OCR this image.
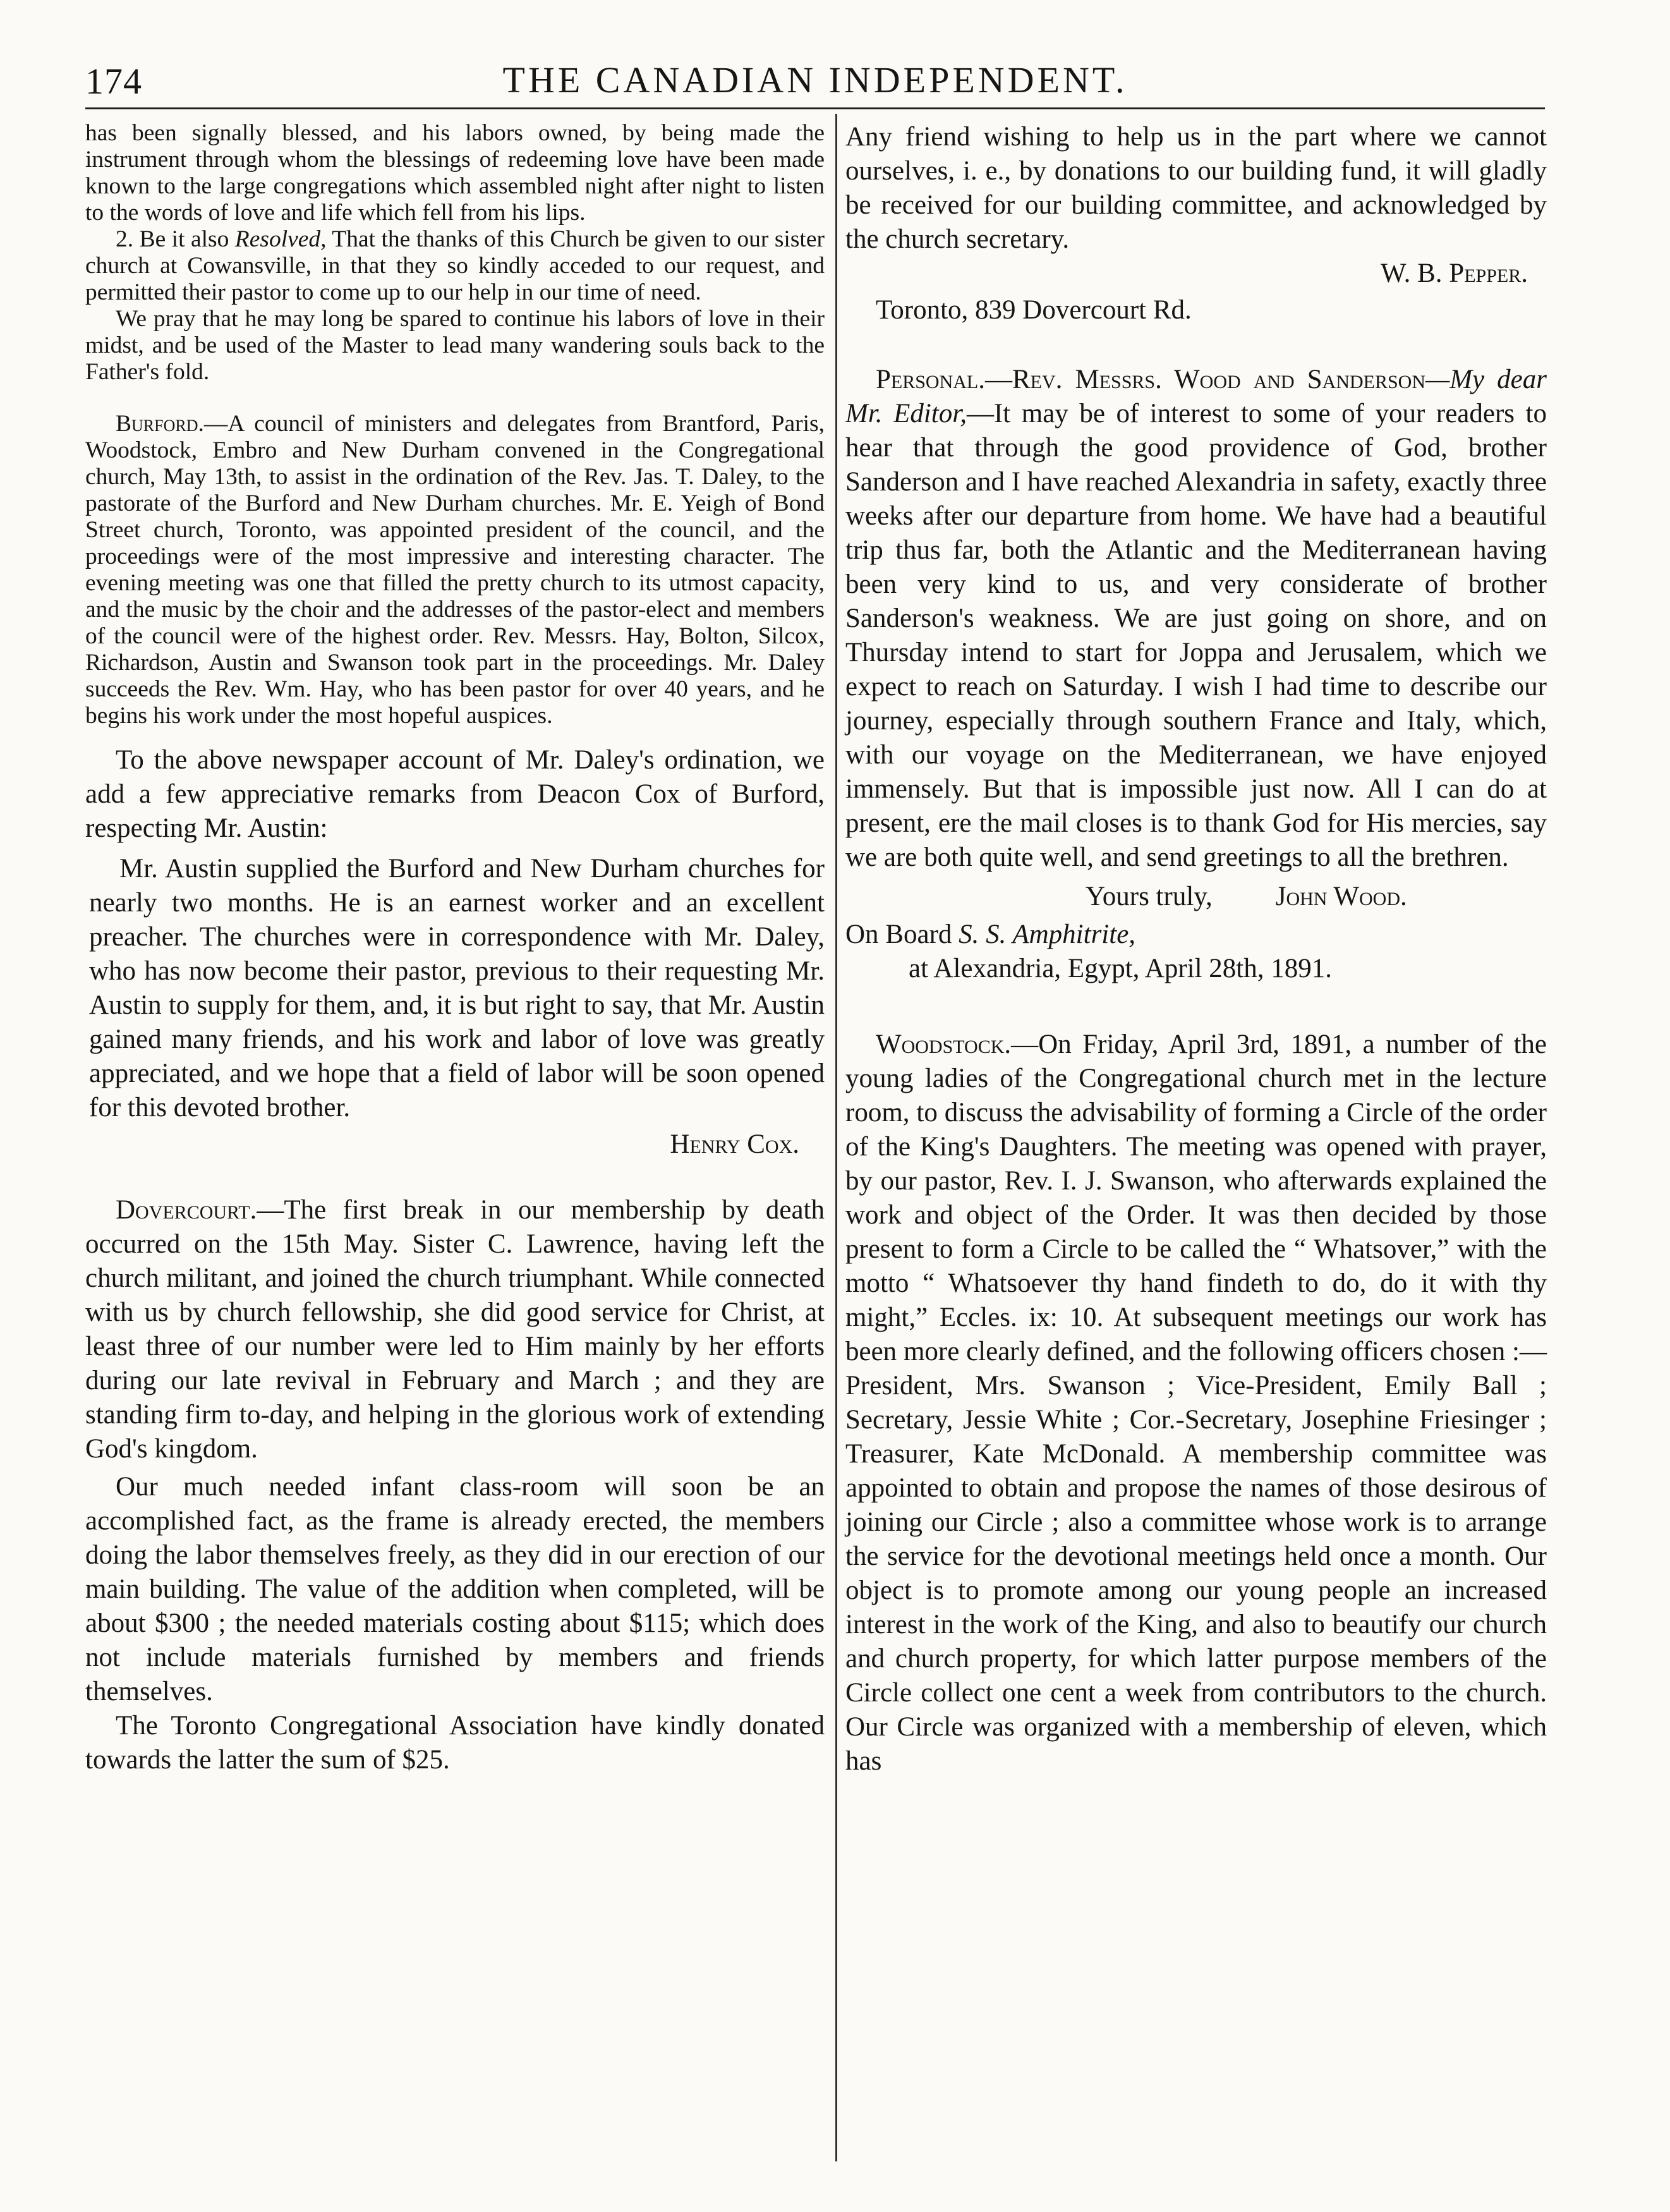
174	THE CANADIAN INDEPENDENT.

has been signally blessed, and his labors owned, by being made the instrument through whom the blessings of redeeming love have been made known to the large congregations which assembled night after night to listen to the words of love and life which fell from his lips.

2. Be it also Resolved, That the thanks of this Church be given to our sister church at Cowansville, in that they so kindly acceded to our request, and permitted their pastor to come up to our help in our time of need.

We pray that he may long be spared to continue his labors of love in their midst, and be used of the Master to lead many wandering souls back to the Father's fold.

Burford.—A council of ministers and delegates from Brantford, Paris, Woodstock, Embro and New Durham convened in the Congregational church, May 13th, to assist in the ordination of the Rev. Jas. T. Daley, to the pastorate of the Burford and New Durham churches. Mr. E. Yeigh of Bond Street church, Toronto, was appointed president of the council, and the proceedings were of the most impressive and interesting character. The evening meeting was one that filled the pretty church to its utmost capacity, and the music by the choir and the addresses of the pastor-elect and members of the council were of the highest order. Rev. Messrs. Hay, Bolton, Silcox, Richardson, Austin and Swanson took part in the proceedings. Mr. Daley succeeds the Rev. Wm. Hay, who has been pastor for over 40 years, and he begins his work under the most hopeful auspices.

To the above newspaper account of Mr. Daley's ordination, we add a few appreciative remarks from Deacon Cox of Burford, respecting Mr. Austin:

Mr. Austin supplied the Burford and New Durham churches for nearly two months. He is an earnest worker and an excellent preacher. The churches were in correspondence with Mr. Daley, who has now become their pastor, previous to their requesting Mr. Austin to supply for them, and, it is but right to say, that Mr. Austin gained many friends, and his work and labor of love was greatly appreciated, and we hope that a field of labor will be soon opened for this devoted brother.

Henry Cox.

Dovercourt.—The first break in our membership by death occurred on the 15th May. Sister C. Lawrence, having left the church militant, and joined the church triumphant. While connected with us by church fellowship, she did good service for Christ, at least three of our number were led to Him mainly by her efforts during our late revival in February and March ; and they are standing firm to-day, and helping in the glorious work of extending God's kingdom.

Our much needed infant class-room will soon be an accomplished fact, as the frame is already erected, the members doing the labor themselves freely, as they did in our erection of our main building. The value of the addition when completed, will be about $300 ; the needed materials costing about $115; which does not include materials furnished by members and friends themselves.

The Toronto Congregational Association have kindly donated towards the latter the sum of $25.

Any friend wishing to help us in the part where we cannot ourselves, i. e., by donations to our building fund, it will gladly be received for our building committee, and acknowledged by the church secretary.

W. B. Pepper.

Toronto, 839 Dovercourt Rd.

Personal.—Rev. Messrs. Wood and Sanderson—My dear Mr. Editor,—It may be of interest to some of your readers to hear that through the good providence of God, brother Sanderson and I have reached Alexandria in safety, exactly three weeks after our departure from home. We have had a beautiful trip thus far, both the Atlantic and the Mediterranean having been very kind to us, and very considerate of brother Sanderson's weakness. We are just going on shore, and on Thursday intend to start for Joppa and Jerusalem, which we expect to reach on Saturday. I wish I had time to describe our journey, especially through southern France and Italy, which, with our voyage on the Mediterranean, we have enjoyed immensely. But that is impossible just now. All I can do at present, ere the mail closes is to thank God for His mercies, say we are both quite well, and send greetings to all the brethren.

Yours truly, John Wood.

On Board S. S. Amphitrite,

at Alexandria, Egypt, April 28th, 1891.

Woodstock.—On Friday, April 3rd, 1891, a number of the young ladies of the Congregational church met in the lecture room, to discuss the advisability of forming a Circle of the order of the King's Daughters. The meeting was opened with prayer, by our pastor, Rev. I. J. Swanson, who afterwards explained the work and object of the Order. It was then decided by those present to form a Circle to be called the “ Whatsover,” with the motto “ Whatsoever thy hand findeth to do, do it with thy might,” Eccles. ix: 10. At subsequent meetings our work has been more clearly defined, and the following officers chosen :—President, Mrs. Swanson ; Vice-President, Emily Ball ; Secretary, Jessie White ; Cor.-Secretary, Josephine Friesinger ; Treasurer, Kate McDonald. A membership committee was appointed to obtain and propose the names of those desirous of joining our Circle ; also a committee whose work is to arrange the service for the devotional meetings held once a month. Our object is to promote among our young people an increased interest in the work of the King, and also to beautify our church and church property, for which latter purpose members of the Circle collect one cent a week from contributors to the church. Our Circle was organized with a membership of eleven, which has
